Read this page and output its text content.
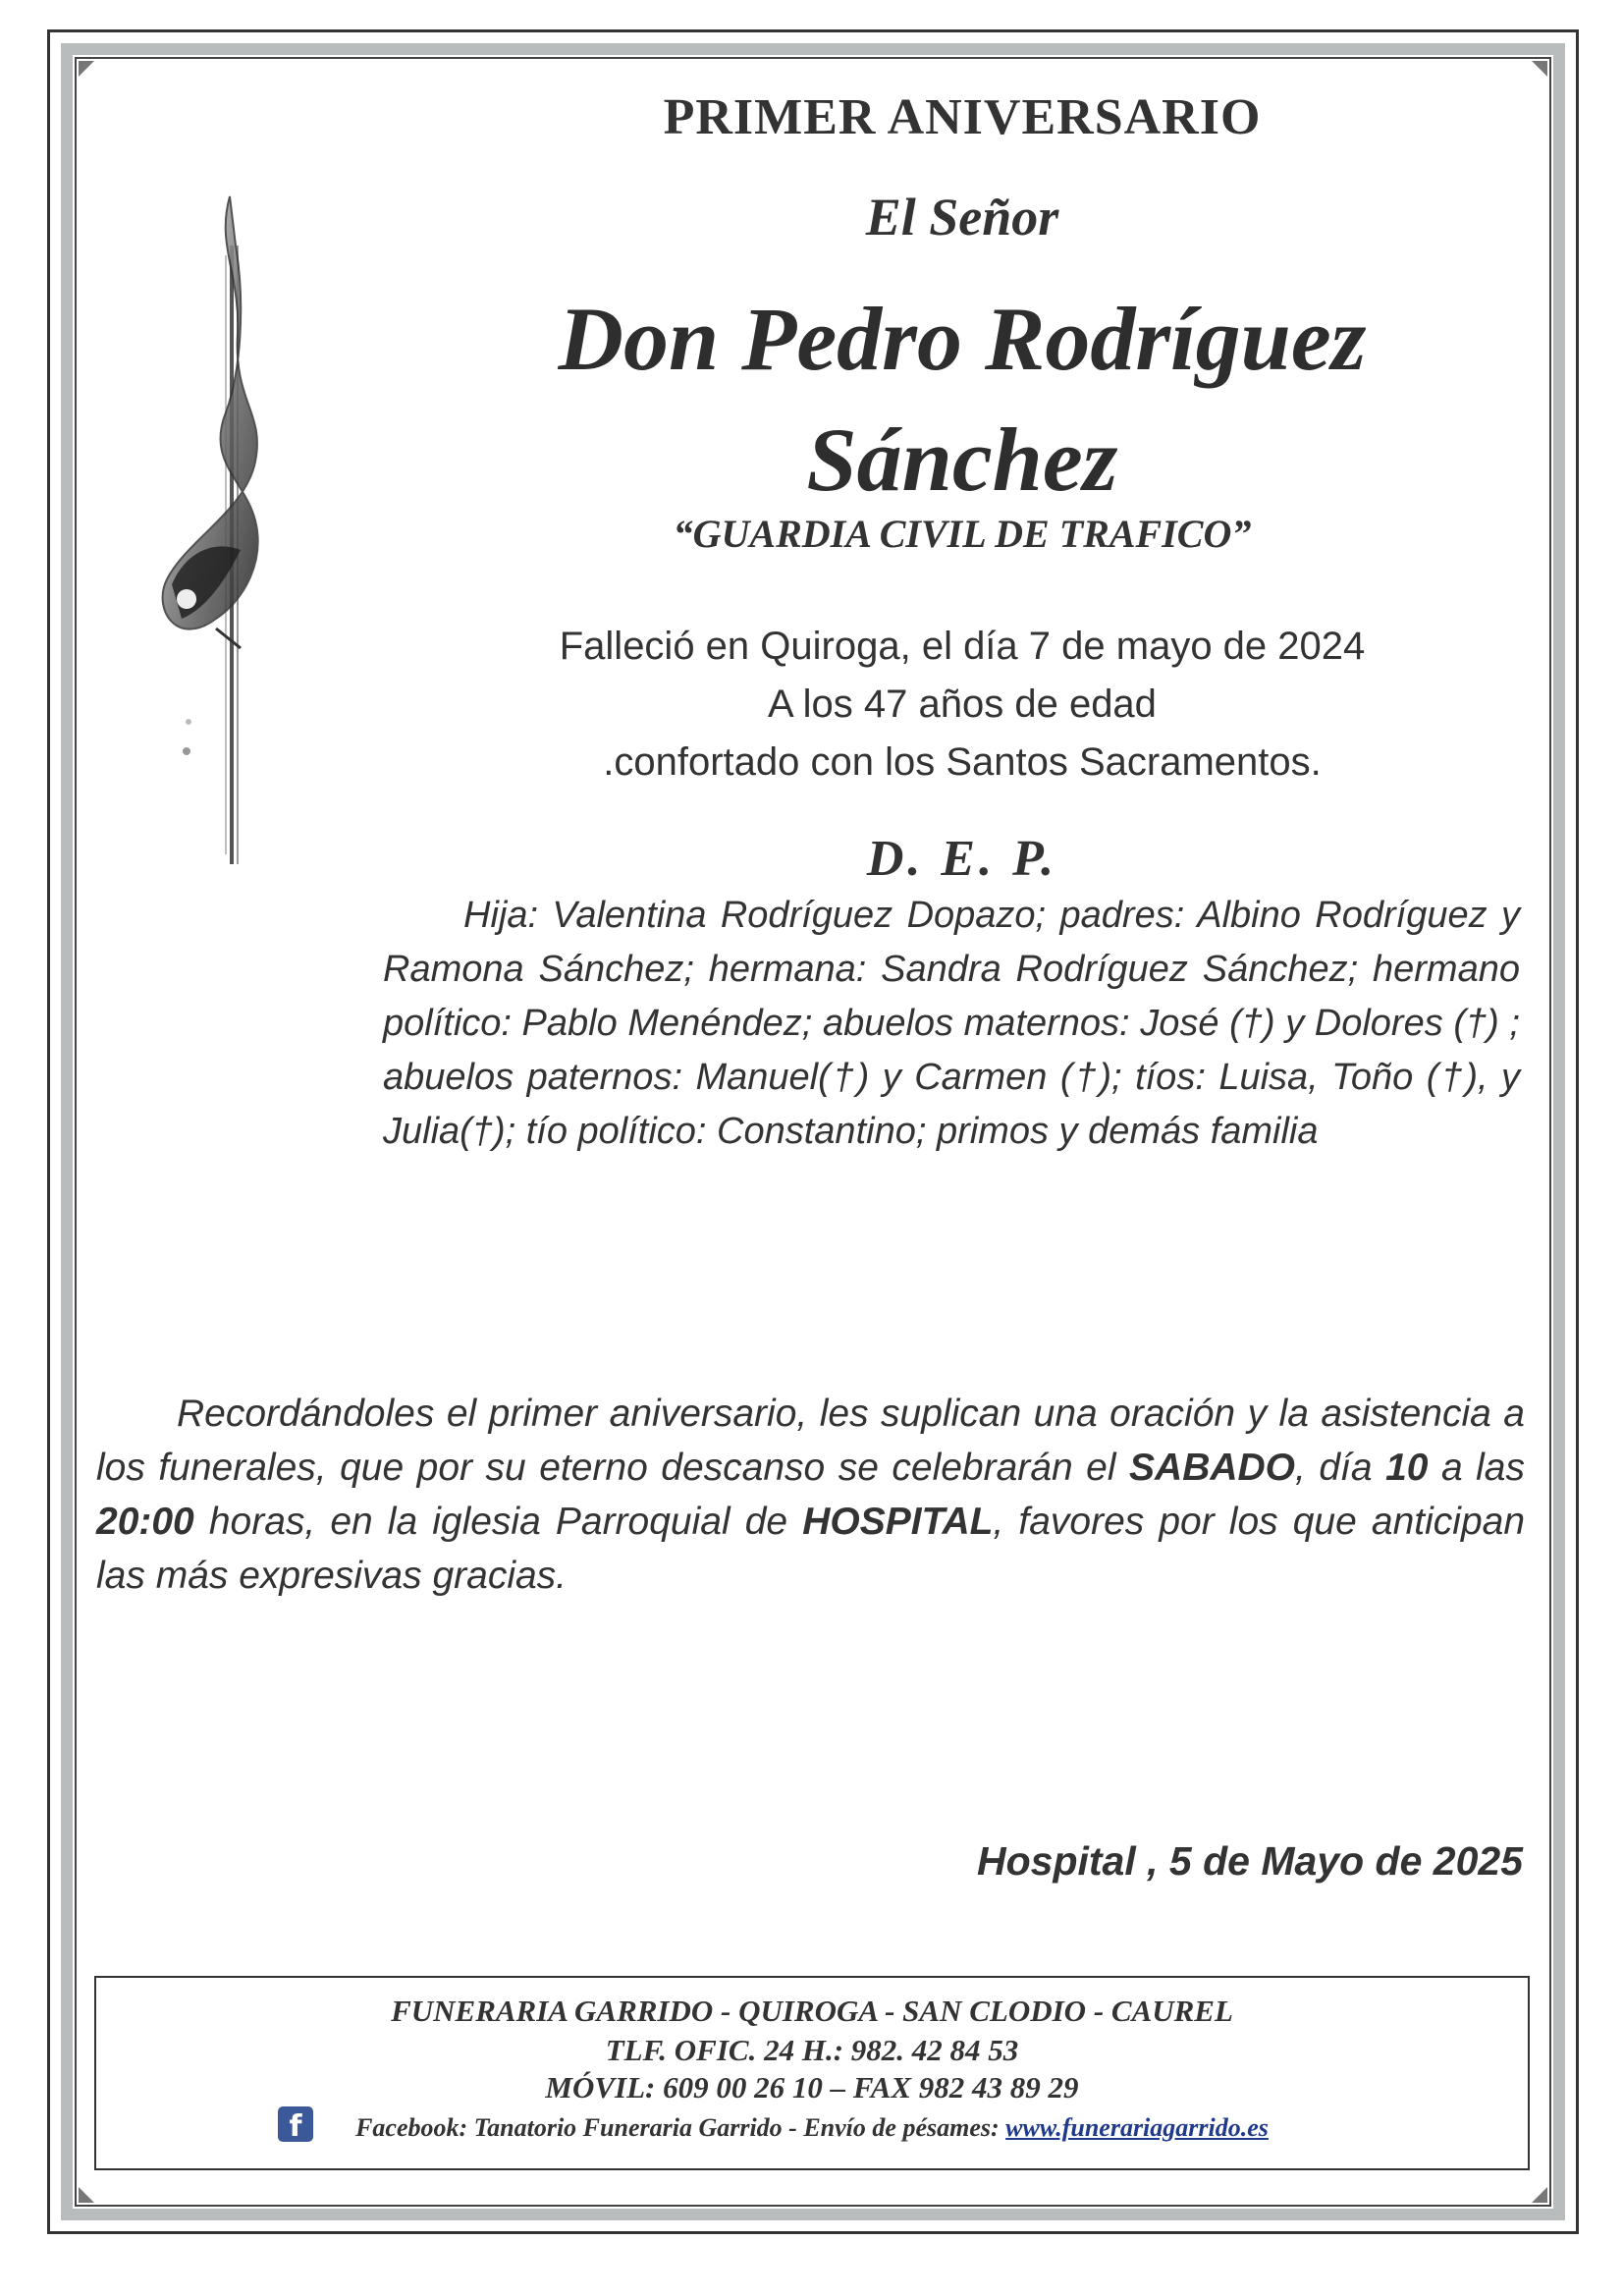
PRIMER ANIVERSARIO
El Señor
Don Pedro Rodríguez
Sánchez
“GUARDIA CIVIL DE TRAFICO”
Falleció en Quiroga, el día 7 de mayo de 2024
A los 47 años de edad
.confortado con los Santos Sacramentos.
D. E. P.
Hija: Valentina Rodríguez Dopazo; padres: Albino Rodríguez y Ramona Sánchez; hermana: Sandra Rodríguez Sánchez; hermano político: Pablo Menéndez; abuelos maternos: José (†) y Dolores (†) ; abuelos paternos: Manuel(†) y Carmen (†); tíos: Luisa, Toño (†), y Julia(†); tío político: Constantino; primos y demás familia
Recordándoles el primer aniversario, les suplican una oración y la asistencia a los funerales, que por su eterno descanso se celebrarán el SABADO, día 10 a las 20:00 horas, en la iglesia Parroquial de HOSPITAL, favores por los que anticipan las más expresivas gracias.
Hospital , 5 de Mayo de 2025
FUNERARIA GARRIDO - QUIROGA - SAN CLODIO - CAUREL
TLF. OFIC. 24 H.: 982. 42 84 53
MÓVIL: 609 00 26 10 – FAX 982 43 89 29
f	Facebook: Tanatorio Funeraria Garrido - Envío de pésames: www.funerariagarrido.es
